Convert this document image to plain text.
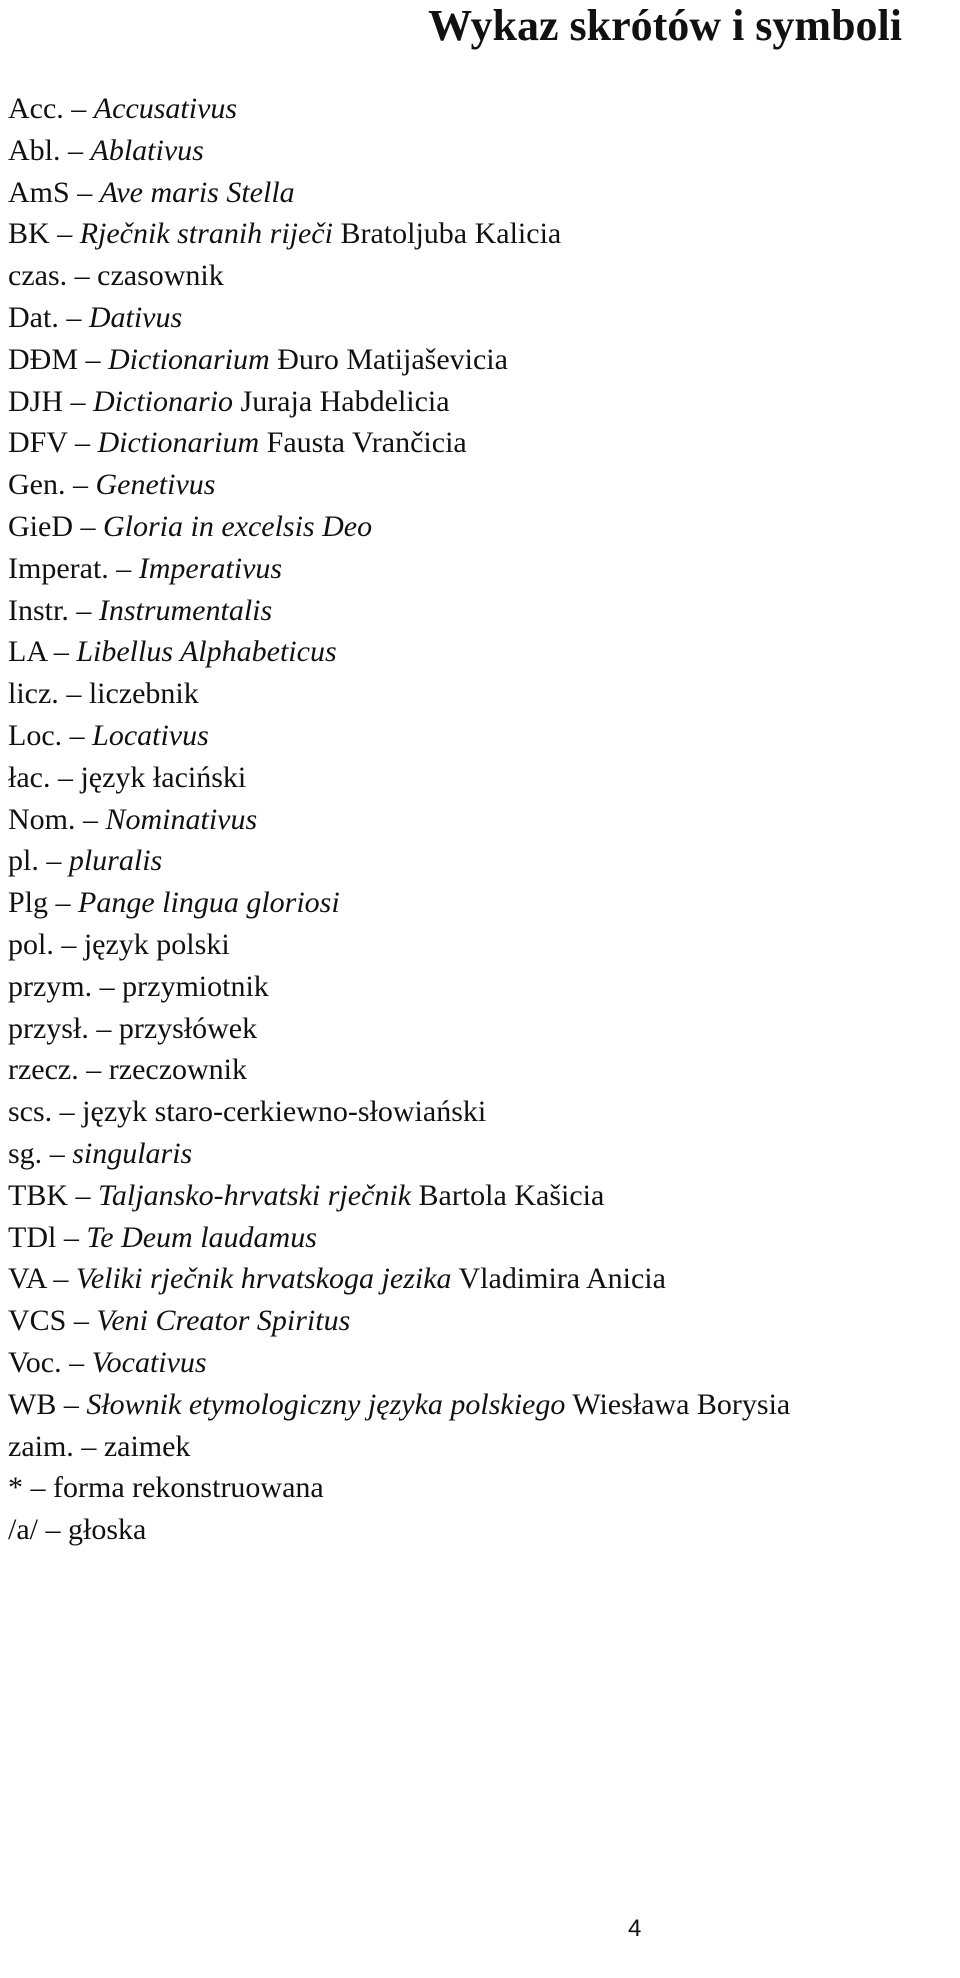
Wykaz skrótów i symboli
Acc. – Accusativus
Abl. – Ablativus
AmS – Ave maris Stella
BK – Rječnik stranih riječi Bratoljuba Kalicia
czas. – czasownik
Dat. – Dativus
DĐM – Dictionarium Đuro Matijaševicia
DJH – Dictionario Juraja Habdelicia
DFV – Dictionarium Fausta Vrančicia
Gen. – Genetivus
GieD – Gloria in excelsis Deo
Imperat. – Imperativus
Instr. – Instrumentalis
LA – Libellus Alphabeticus
licz. – liczebnik
Loc. – Locativus
łac. – język łaciński
Nom. – Nominativus
pl. – pluralis
Plg – Pange lingua gloriosi
pol. – język polski
przym. – przymiotnik
przysł. – przysłówek
rzecz. – rzeczownik
scs. – język staro-cerkiewno-słowiański
sg. – singularis
TBK – Taljansko-hrvatski rječnik Bartola Kašicia
TDl – Te Deum laudamus
VA – Veliki rječnik hrvatskoga jezika Vladimira Anicia
VCS – Veni Creator Spiritus
Voc. – Vocativus
WB – Słownik etymologiczny języka polskiego Wiesława Borysia
zaim. – zaimek
* – forma rekonstruowana
/a/ – głoska
4
